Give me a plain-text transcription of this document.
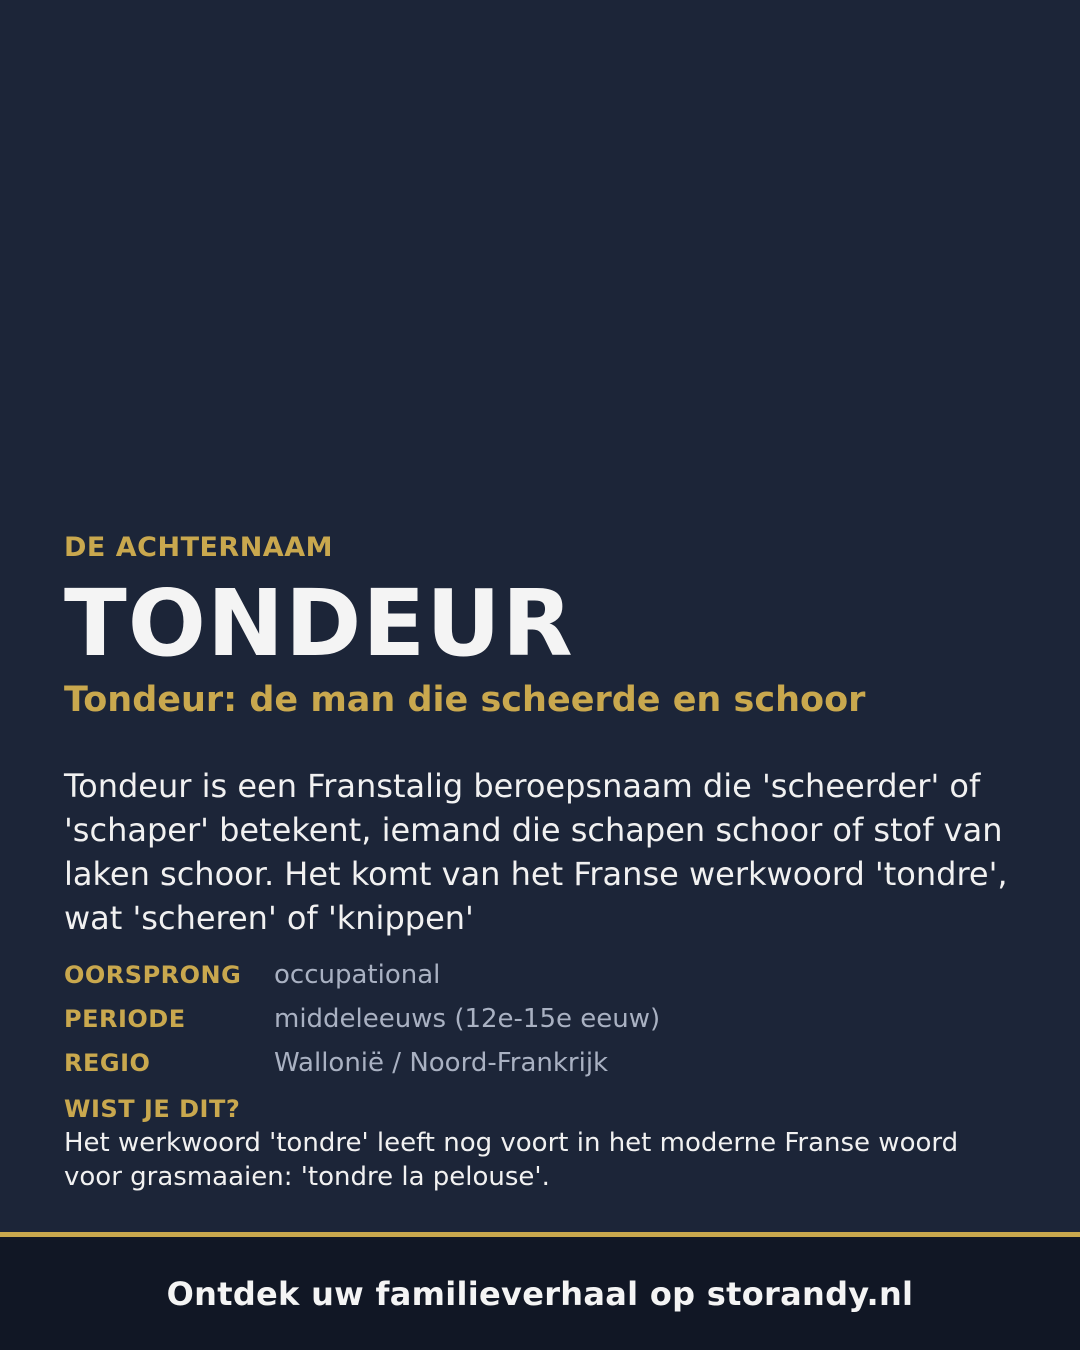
DE ACHTERNAAM

TONDEUR
Tondeur: de man die scheerde en schoor

Tondeur is een Franstalig beroepsnaam die 'scheerder' of 'schaper' betekent, iemand die schapen schoor of stof van laken schoor. Het komt van het Franse werkwoord 'tondre', wat 'scheren' of 'knippen'

OORSPRONG	occupational
PERIODE	middeleeuws (12e-15e eeuw)
REGIO	Wallonië / Noord-Frankrijk
WIST JE DIT?
Het werkwoord 'tondre' leeft nog voort in het moderne Franse woord voor grasmaaien: 'tondre la pelouse'.
Ontdek uw familieverhaal op storandy.nl
